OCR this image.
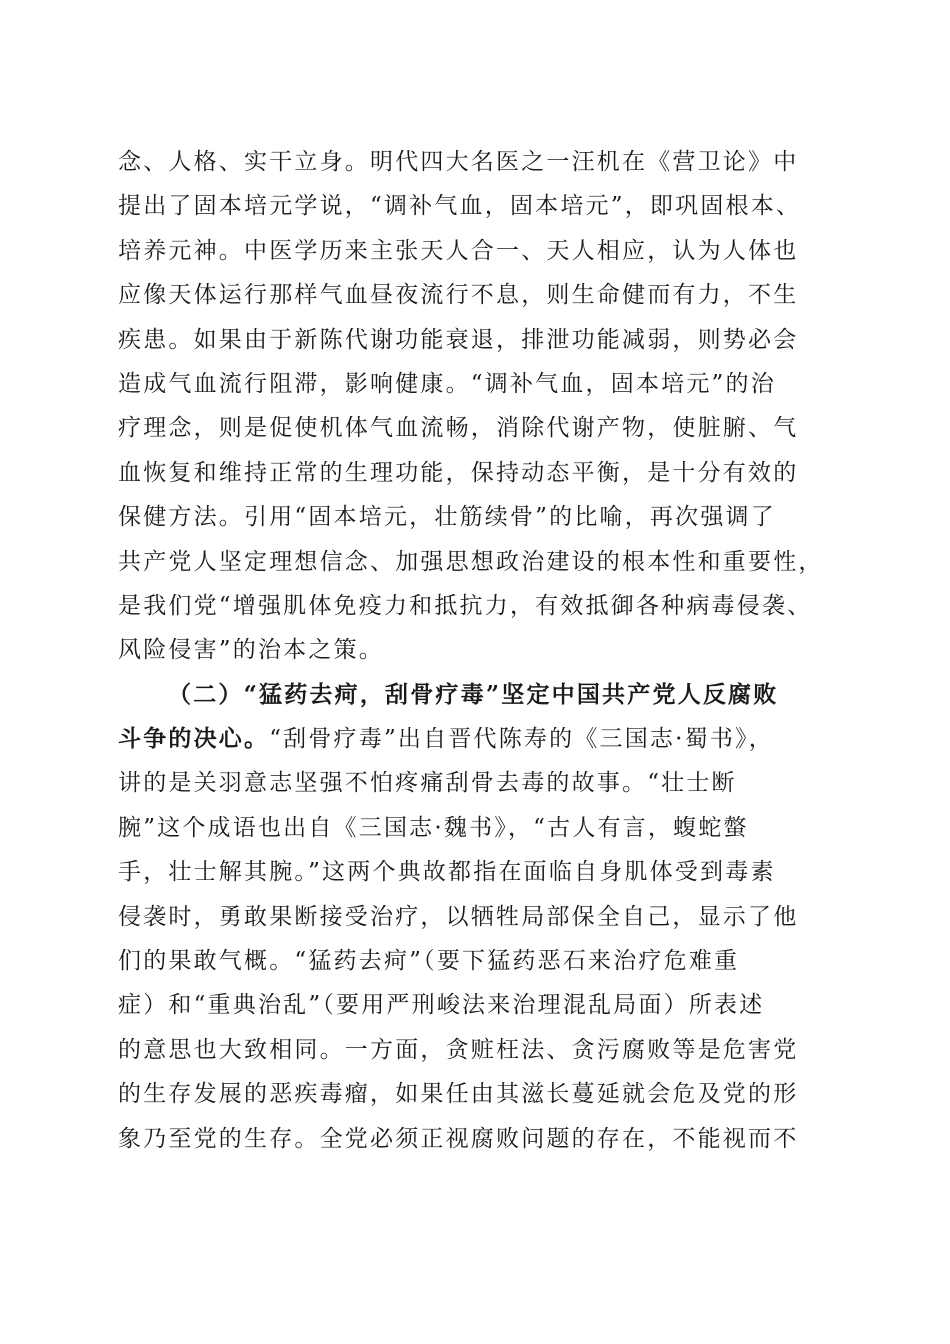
念、人格、实干立身。明代四大名医之一汪机在《营卫论》中
提出了固本培元学说，“调补气血，固本培元”，即巩固根本、
培养元神。中医学历来主张天人合一、天人相应，认为人体也
应像天体运行那样气血昼夜流行不息，则生命健而有力，不生
疾患。如果由于新陈代谢功能衰退，排泄功能减弱，则势必会
造成气血流行阻滞，影响健康。“调补气血，固本培元”的治
疗理念，则是促使机体气血流畅，消除代谢产物，使脏腑、气
血恢复和维持正常的生理功能，保持动态平衡，是十分有效的
保健方法。引用“固本培元，壮筋续骨”的比喻，再次强调了
共产党人坚定理想信念、加强思想政治建设的根本性和重要性，
是我们党“增强肌体免疫力和抵抗力，有效抵御各种病毒侵袭、
风险侵害”的治本之策。
（二）“猛药去疴，刮骨疗毒”坚定中国共产党人反腐败
斗争的决心。“刮骨疗毒”出自晋代陈寿的《三国志·蜀书》，
讲的是关羽意志坚强不怕疼痛刮骨去毒的故事。“壮士断
腕”这个成语也出自《三国志·魏书》，“古人有言，蝮蛇螫
手，壮士解其腕。”这两个典故都指在面临自身肌体受到毒素
侵袭时，勇敢果断接受治疗，以牺牲局部保全自己，显示了他
们的果敢气概。“猛药去疴”（要下猛药恶石来治疗危难重
症）和“重典治乱”（要用严刑峻法来治理混乱局面）所表述
的意思也大致相同。一方面，贪赃枉法、贪污腐败等是危害党
的生存发展的恶疾毒瘤，如果任由其滋长蔓延就会危及党的形
象乃至党的生存。全党必须正视腐败问题的存在，不能视而不
